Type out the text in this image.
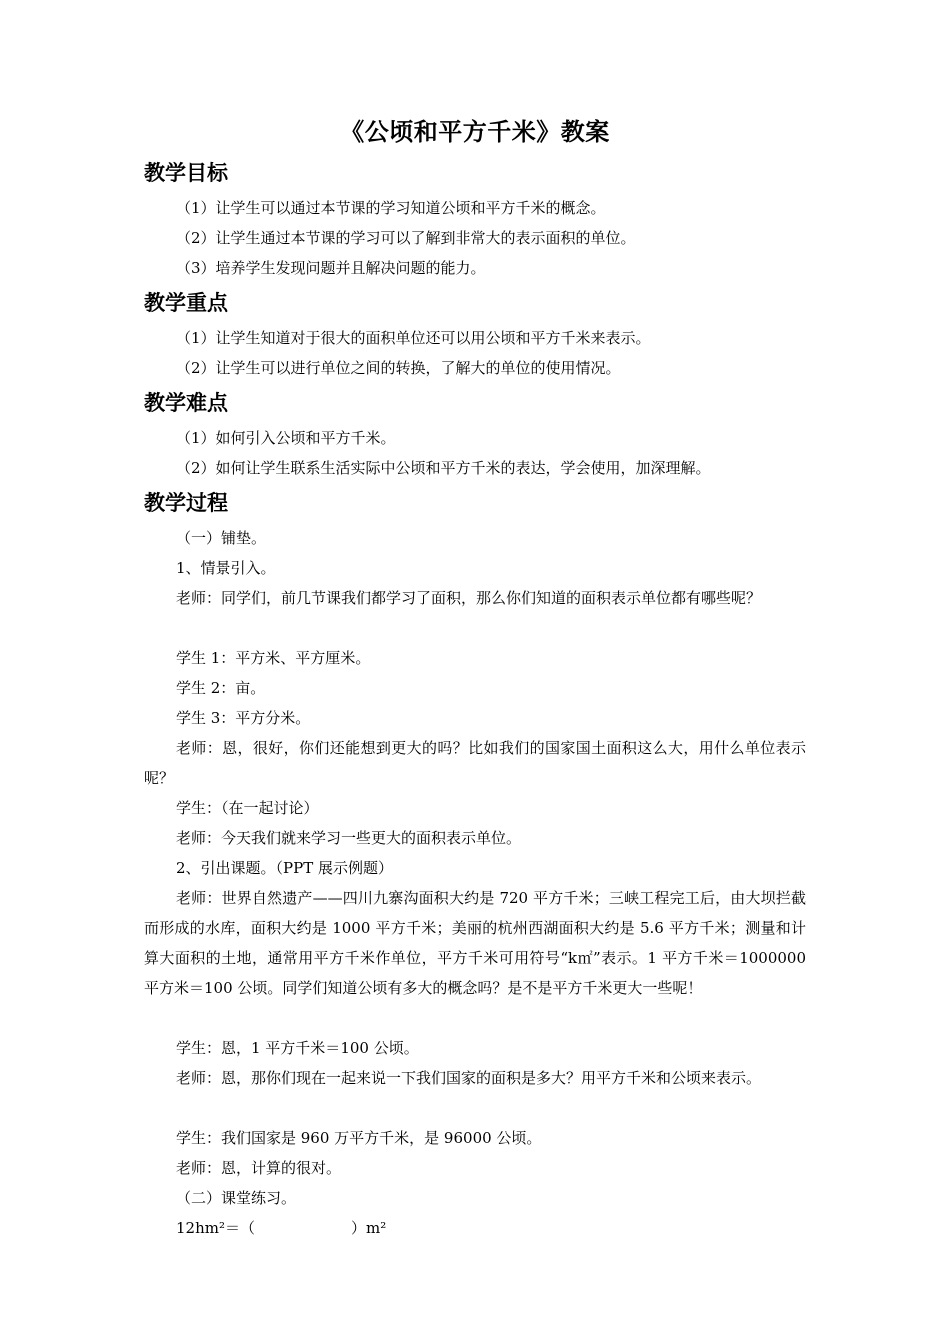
《公顷和平方千米》教案
教学目标
（1）让学生可以通过本节课的学习知道公顷和平方千米的概念。
（2）让学生通过本节课的学习可以了解到非常大的表示面积的单位。
（3）培养学生发现问题并且解决问题的能力。
教学重点
（1）让学生知道对于很大的面积单位还可以用公顷和平方千米来表示。
（2）让学生可以进行单位之间的转换，了解大的单位的使用情况。
教学难点
（1）如何引入公顷和平方千米。
（2）如何让学生联系生活实际中公顷和平方千米的表达，学会使用，加深理解。
教学过程
（一）铺垫。
1、情景引入。
老师：同学们，前几节课我们都学习了面积，那么你们知道的面积表示单位都有哪些呢？
学生 1：平方米、平方厘米。
学生 2：亩。
学生 3：平方分米。
老师：恩，很好，你们还能想到更大的吗？比如我们的国家国土面积这么大，用什么单位表示呢？
学生：（在一起讨论）
老师：今天我们就来学习一些更大的面积表示单位。
2、引出课题。（PPT 展示例题）
老师：世界自然遗产——四川九寨沟面积大约是 720 平方千米；三峡工程完工后，由大坝拦截而形成的水库，面积大约是 1000 平方千米；美丽的杭州西湖面积大约是 5.6 平方千米；测量和计算大面积的土地，通常用平方千米作单位，平方千米可用符号“k㎡”表示。1 平方千米＝1000000 平方米＝100 公顷。同学们知道公顷有多大的概念吗？是不是平方千米更大一些呢！
学生：恩，1 平方千米＝100 公顷。
老师：恩，那你们现在一起来说一下我们国家的面积是多大？用平方千米和公顷来表示。
学生：我们国家是 960 万平方千米，是 96000 公顷。
老师：恩，计算的很对。
（二）课堂练习。
12hm²＝（	）m²
